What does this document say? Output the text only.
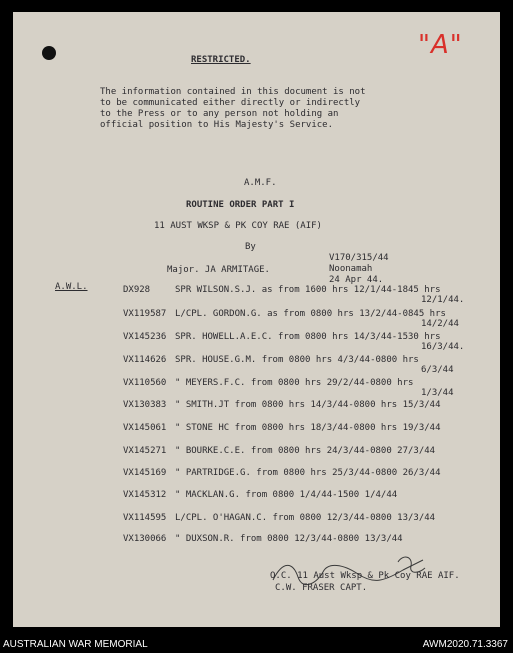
"A"
RESTRICTED.
The information contained in this document is not
to be communicated either directly or indirectly
to the Press or to any person not holding an
official position to His Majesty's Service.
A.M.F.
ROUTINE ORDER PART I
11 AUST WKSP & PK COY RAE (AIF)
By
Major. JA ARMITAGE.
V170/315/44
Noonamah
24 Apr 44.
A.W.L.	DX928	SPR WILSON.S.J. as from 1600 hrs 12/1/44-1845 hrs
12/1/44.
VX119587 L/CPL. GORDON.G. as from 0800 hrs 13/2/44-0845 hrs
14/2/44
VX145236 SPR. HOWELL.A.E.C. from 0800 hrs 14/3/44-1530 hrs
16/3/44.
VX114626 SPR. HOUSE.G.M. from 0800 hrs 4/3/44-0800 hrs
6/3/44
VX110560 " MEYERS.F.C. from 0800 hrs 29/2/44-0800 hrs
1/3/44
VX130383 " SMITH.JT from 0800 hrs 14/3/44-0800 hrs 15/3/44
VX145061 " STONE HC from 0800 hrs 18/3/44-0800 hrs 19/3/44
VX145271 " BOURKE.C.E. from 0800 hrs 24/3/44-0800 27/3/44
VX145169 " PARTRIDGE.G. from 0800 hrs 25/3/44-0800 26/3/44
VX145312 " MACKLAN.G. from 0800 1/4/44-1500 1/4/44
VX114595 L/CPL. O'HAGAN.C. from 0800 12/3/44-0800 13/3/44
VX130066 " DUXSON.R. from 0800 12/3/44-0800 13/3/44
O.C. 11 Aust Wksp & Pk Coy RAE AIF.
C.W. FRASER CAPT.
AUSTRALIAN WAR MEMORIAL	AWM2020.71.3367
